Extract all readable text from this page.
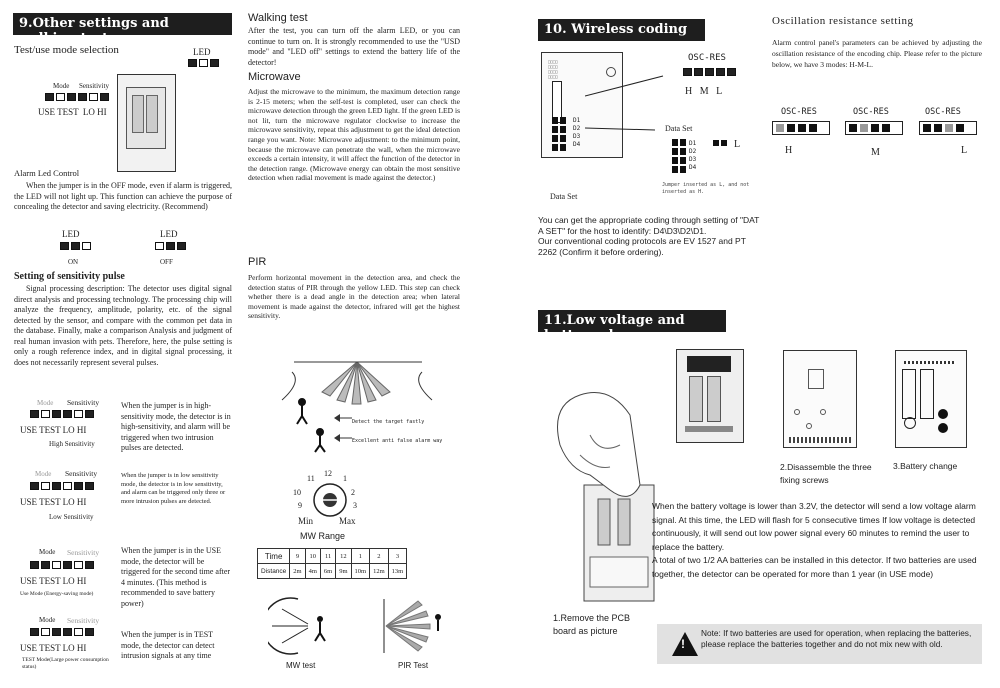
9.Other settings and walking test
Test/use mode selection	LED
Mode Sensitivity
USE TEST  LO HI
Alarm Led Control
When the jumper is in the OFF mode, even if alarm is triggered, the LED will not light up. This function can achieve the purpose of concealing the detector and saving electricity. (Recommend)
LED
ON
LED
OFF
Setting of sensitivity pulse
Signal processing description: The detector uses digital signal direct analysis and processing technology. The processing chip will analyze the frequency, amplitude, polarity, etc. of the signal detected by the sensor, and compare with the common pet data in the database. Finally, make a comparison Analysis and judgment of real human invasion with pets. Therefore, here, the pulse setting is only a rough reference index, and in digital signal processing, it does not necessarily represent several pulses.
Mode Sensitivity
USE TEST LO HI
High Sensitivity
When the jumper is in high-sensitivity mode, the detector is in high-sensitivity, and alarm will be triggered when two intrusion pulses are detected.
Mode Sensitivity
USE TEST LO HI
Low Sensitivity
When the jumper is in low sensitivity mode, the detector is in low sensitivity, and alarm can be triggered only three or more intrusion pulses are detected.
Mode Sensitivity
USE TEST LO HI
Use Mode (Energy-saving mode)
When the jumper is in the USE mode, the detector will be triggered for the second time after 4 minutes. (This method is recommended to save battery power)
Mode Sensitivity
USE TEST LO HI
TEST Mode(Large power consumption status)
When the jumper is in TEST mode, the detector can detect intrusion signals at any time
Walking test
After the test, you can turn off the alarm LED, or you can continue to turn on. It is strongly recommended to use the "USD mode" and "LED off" settings to extend the battery life of the detector!
Microwave
Adjust the microwave to the minimum, the maximum detection range is 2-15 meters; when the self-test is completed, user can check the microwave detection through the green LED light. If the green LED is not lit, turn the microwave regulator clockwise to increase the microwave sensitivity, repeat this adjustment to get the ideal detection range you want. Note: Microwave adjustment: to the minimum point, because the microwave can penetrate the wall, when the microwave exceeds a certain intensity, it will affect the function of the detector in the detection range. (Microwave energy can obtain the most sensitive detection when radial movement is made against the detector.)
PIR
Perform horizontal movement in the detection area, and check the detection status of PIR through the yellow LED. This step can check whether there is a dead angle in the detection area; when lateral movement is made against the detector, infrared will get the highest sensitivity.
Detect the target fastly
Excellent anti false alarm way
11
12
1
10	2
9	3
Min	Max
MW Range
Time	9	10	11	12	1	2	3
Distance	2m	4m	6m	9m	10m	12m	13m
MW test	PIR Test
10. Wireless coding
□□□□
□□□□
□□□□
□□□□
D1
D2
D3
D4
OSC-RES
H   M   L
Data Set
D1
D2
D3
D4
L
Jumper inserted as L, and not inserted as H.
Data Set
You can get the appropriate coding through setting of "DAT A SET" for the host to identify: D4\D3\D2\D1.
Our conventional coding protocols are EV 1527 and PT 2262 (Confirm it before ordering).
Oscillation resistance setting
Alarm control panel's parameters can be achieved by adjusting the oscillation resistance of the encoding chip. Please refer to the picture below, we have 3 modes: H-M-L.
OSC-RES
H
OSC-RES
M
OSC-RES
L
11.Low voltage and battery change
2.Disassemble the three fixing screws
3.Battery change
When the battery voltage is lower than 3.2V, the detector will send a low voltage alarm signal. At this time, the LED will flash for 5 consecutive times If low voltage is detected continuously, it will send out low power signal every 60 minutes to remind the user to replace the battery.
A total of two 1/2 AA batteries can be installed in this detector. If two batteries are used together, the detector can be operated for more than 1 year (in USE mode)
1.Remove the PCB board as picture
!
Note: If two batteries are used for operation, when replacing the batteries, please replace the batteries together and do not mix new with old.
